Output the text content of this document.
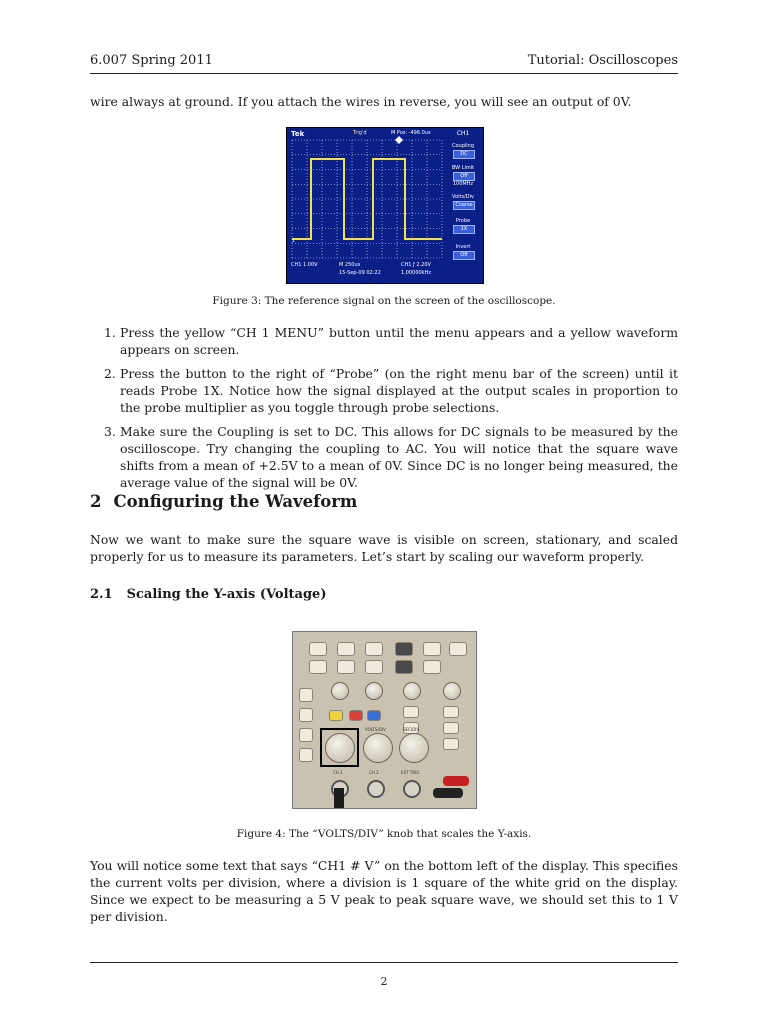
6.007 Spring 2011	Tutorial: Oscilloscopes

wire always at ground. If you attach the wires in reverse, you will see an output of 0V.

Tek	Trig'd	M Pos: -496.0us
1
CH1
Coupling
DC
BW Limit
Off
100MHz
Volts/Div
Coarse
Probe
1X
Invert
Off
CH1 1.00V	M 250us
15-Sep-09 02:22
CH1 ƒ 2.20V
1.00000kHz
Figure 3: The reference signal on the screen of the oscilloscope.
1. Press the yellow “CH 1 MENU” button until the menu appears and a yellow waveform appears on screen.
2. Press the button to the right of “Probe” (on the right menu bar of the screen) until it reads Probe 1X. Notice how the signal displayed at the output scales in proportion to the probe multiplier as you toggle through probe selections.
3. Make sure the Coupling is set to DC. This allows for DC signals to be measured by the oscilloscope. Try changing the coupling to AC. You will notice that the square wave shifts from a mean of +2.5V to a mean of 0V. Since DC is no longer being measured, the average value of the signal will be 0V.
2 Configuring the Waveform

Now we want to make sure the square wave is visible on screen, stationary, and scaled properly for us to measure its parameters. Let’s start by scaling our waveform properly.

2.1 Scaling the Y-axis (Voltage)
VOLTS/DIV	SEC/DIV
CH 1	CH 2	EXT TRIG
Figure 4: The “VOLTS/DIV” knob that scales the Y-axis.

You will notice some text that says “CH1 # V” on the bottom left of the display. This specifies the current volts per division, where a division is 1 square of the white grid on the display. Since we expect to be measuring a 5 V peak to peak square wave, we should set this to 1 V per division.

2
